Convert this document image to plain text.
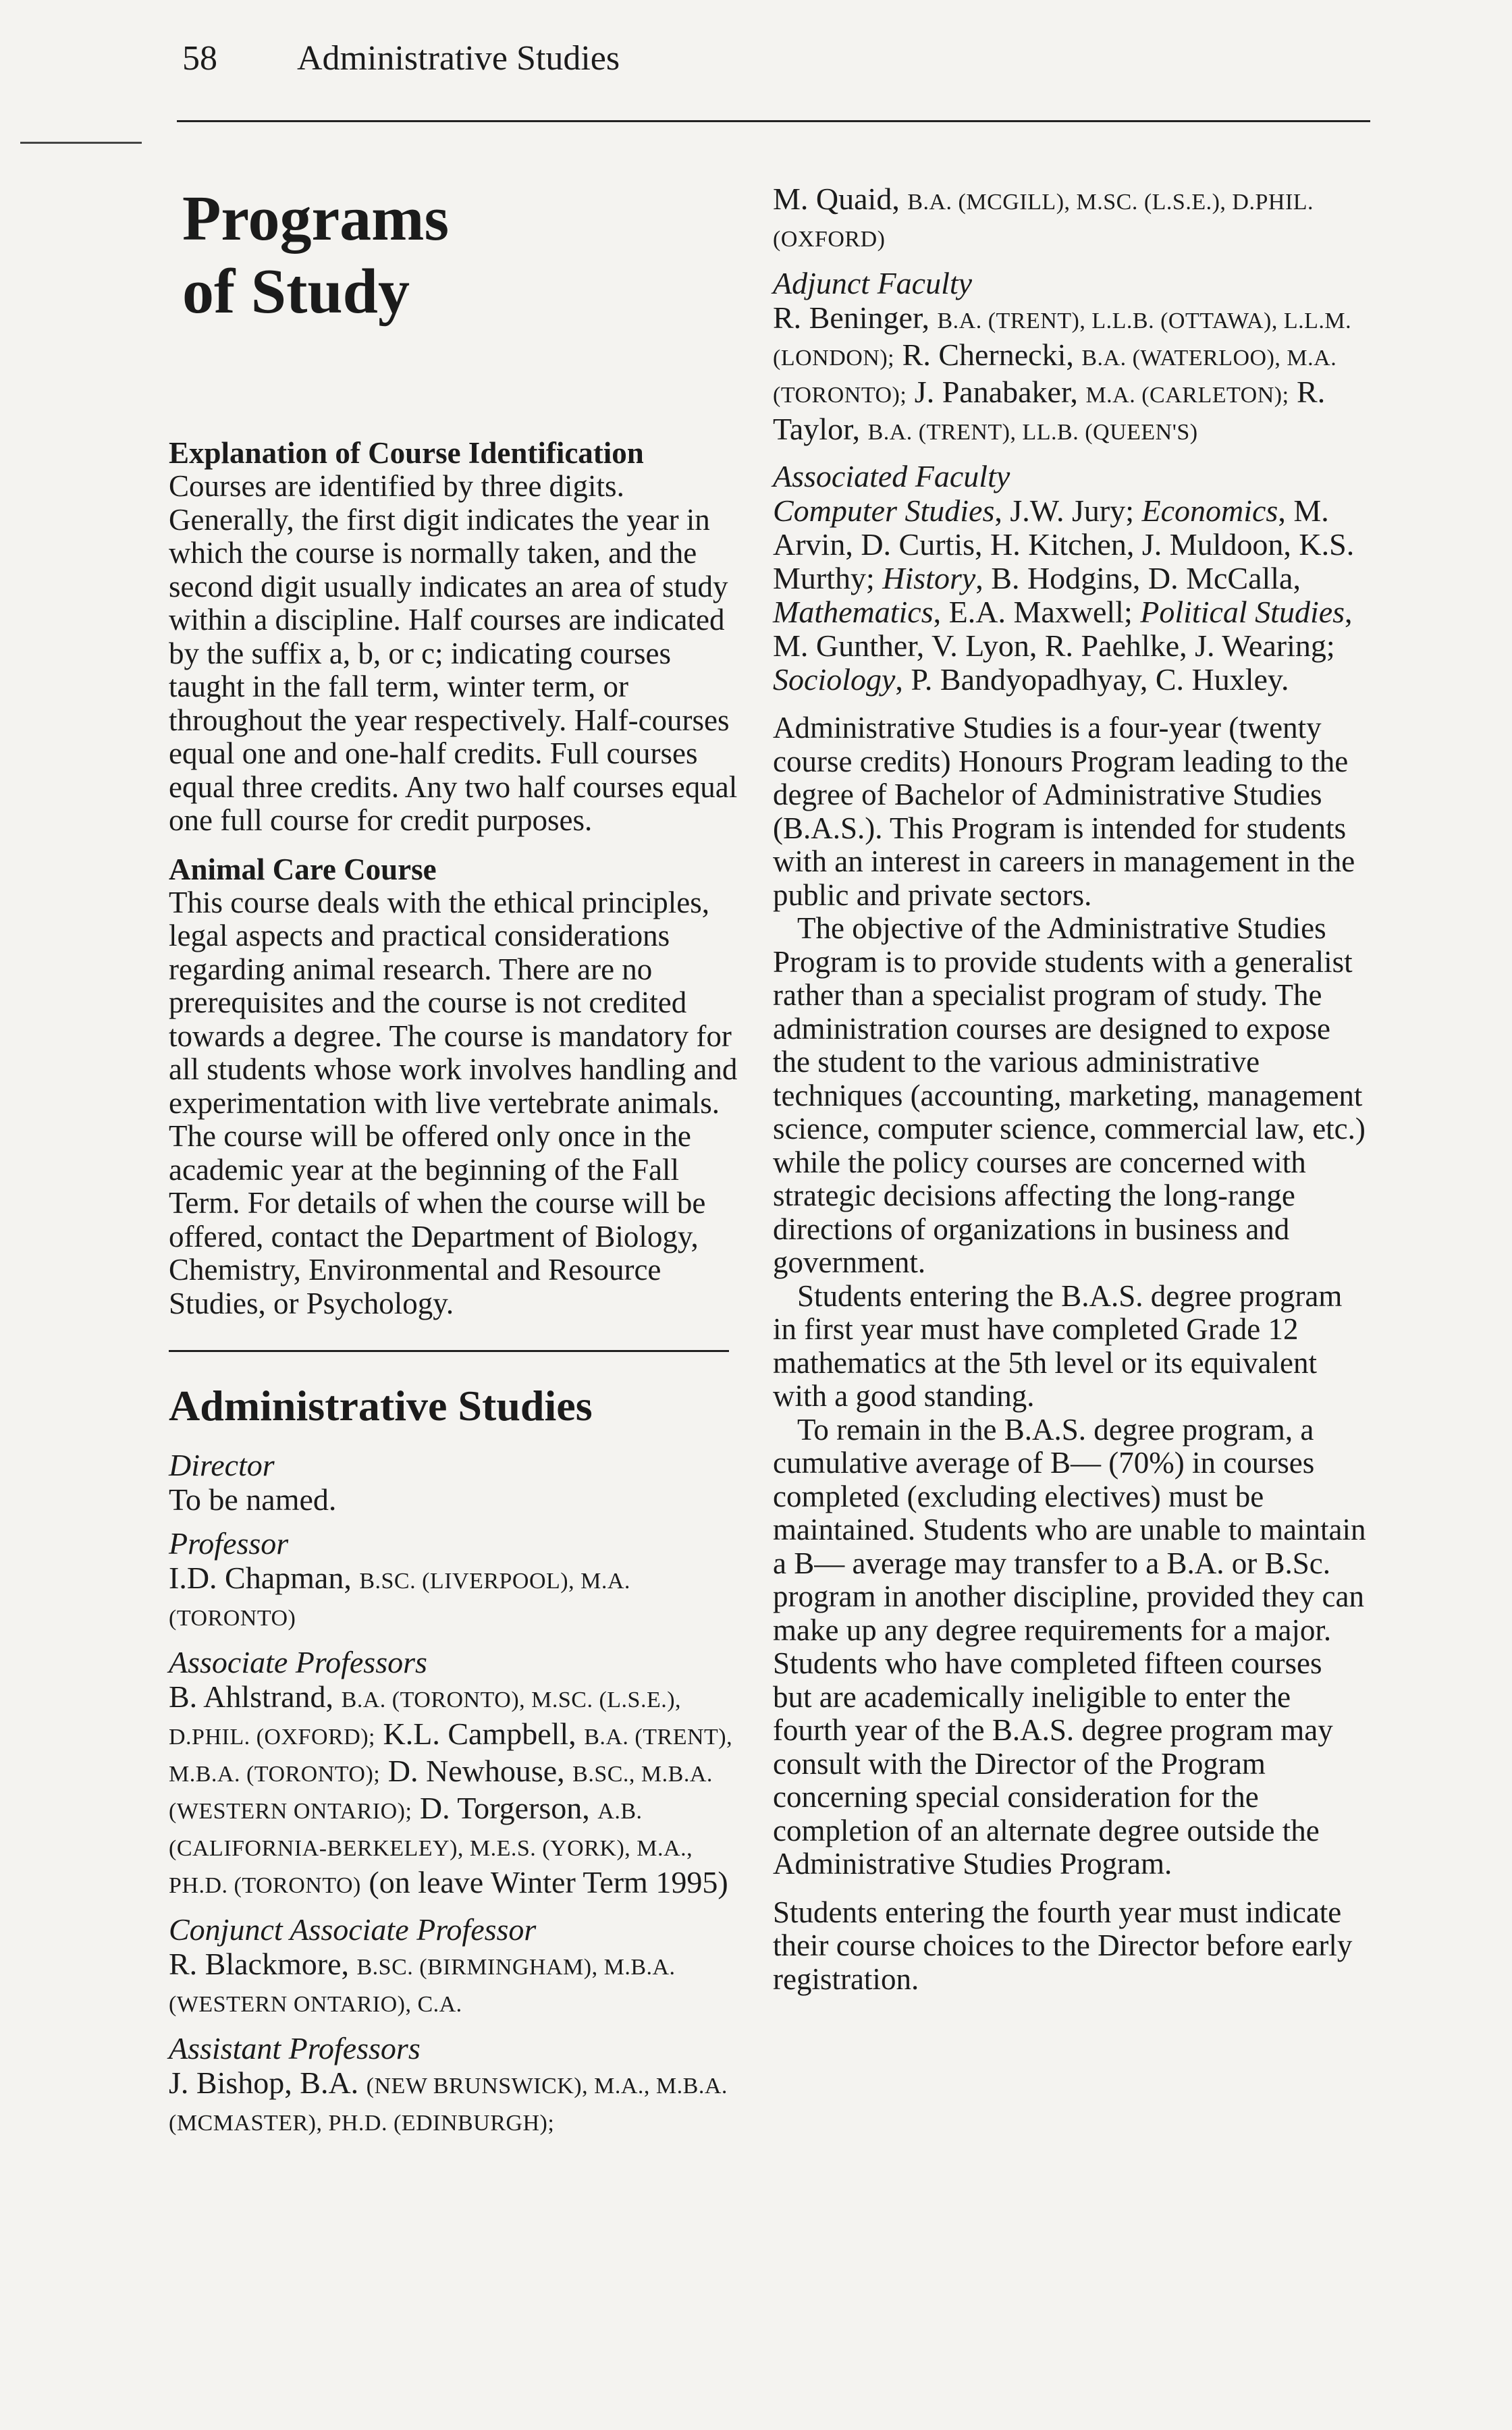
58 Administrative Studies
Programs
of Study

Explanation of Course Identification

Courses are identified by three digits. Generally, the first digit indicates the year in which the course is normally taken, and the second digit usually indicates an area of study within a discipline. Half courses are indicated by the suffix a, b, or c; indicating courses taught in the fall term, winter term, or throughout the year respectively. Half-courses equal one and one-half credits. Full courses equal three credits. Any two half courses equal one full course for credit purposes.

Animal Care Course

This course deals with the ethical principles, legal aspects and practical considerations regarding animal research. There are no prerequisites and the course is not credited towards a degree. The course is mandatory for all students whose work involves handling and experimentation with live vertebrate animals. The course will be offered only once in the academic year at the beginning of the Fall Term. For details of when the course will be offered, contact the Department of Biology, Chemistry, Environmental and Resource Studies, or Psychology.

Administrative Studies

Director

To be named.

Professor

I.D. Chapman, B.SC. (LIVERPOOL), M.A. (TORONTO)

Associate Professors

B. Ahlstrand, B.A. (TORONTO), M.SC. (L.S.E.), D.PHIL. (OXFORD); K.L. Campbell, B.A. (TRENT), M.B.A. (TORONTO); D. Newhouse, B.SC., M.B.A. (WESTERN ONTARIO); D. Torgerson, A.B. (CALIFORNIA-BERKELEY), M.E.S. (YORK), M.A., PH.D. (TORONTO) (on leave Winter Term 1995)

Conjunct Associate Professor

R. Blackmore, B.SC. (BIRMINGHAM), M.B.A. (WESTERN ONTARIO), C.A.

Assistant Professors

J. Bishop, B.A. (NEW BRUNSWICK), M.A., M.B.A. (MCMASTER), PH.D. (EDINBURGH);

M. Quaid, B.A. (MCGILL), M.SC. (L.S.E.), D.PHIL. (OXFORD)

Adjunct Faculty

R. Beninger, B.A. (TRENT), L.L.B. (OTTAWA), L.L.M. (LONDON); R. Chernecki, B.A. (WATERLOO), M.A. (TORONTO); J. Panabaker, M.A. (CARLETON); R. Taylor, B.A. (TRENT), LL.B. (QUEEN'S)

Associated Faculty

Computer Studies, J.W. Jury; Economics, M. Arvin, D. Curtis, H. Kitchen, J. Muldoon, K.S. Murthy; History, B. Hodgins, D. McCalla, Mathematics, E.A. Maxwell; Political Studies, M. Gunther, V. Lyon, R. Paehlke, J. Wearing; Sociology, P. Bandyopadhyay, C. Huxley.

Administrative Studies is a four-year (twenty course credits) Honours Program leading to the degree of Bachelor of Administrative Studies (B.A.S.). This Program is intended for students with an interest in careers in management in the public and private sectors.

The objective of the Administrative Studies Program is to provide students with a generalist rather than a specialist program of study. The administration courses are designed to expose the student to the various administrative techniques (accounting, marketing, management science, computer science, commercial law, etc.) while the policy courses are concerned with strategic decisions affecting the long-range directions of organizations in business and government.

Students entering the B.A.S. degree program in first year must have completed Grade 12 mathematics at the 5th level or its equivalent with a good standing.

To remain in the B.A.S. degree program, a cumulative average of B— (70%) in courses completed (excluding electives) must be maintained. Students who are unable to maintain a B— average may transfer to a B.A. or B.Sc. program in another discipline, provided they can make up any degree requirements for a major. Students who have completed fifteen courses but are academically ineligible to enter the fourth year of the B.A.S. degree program may consult with the Director of the Program concerning special consideration for the completion of an alternate degree outside the Administrative Studies Program.

Students entering the fourth year must indicate their course choices to the Director before early registration.
